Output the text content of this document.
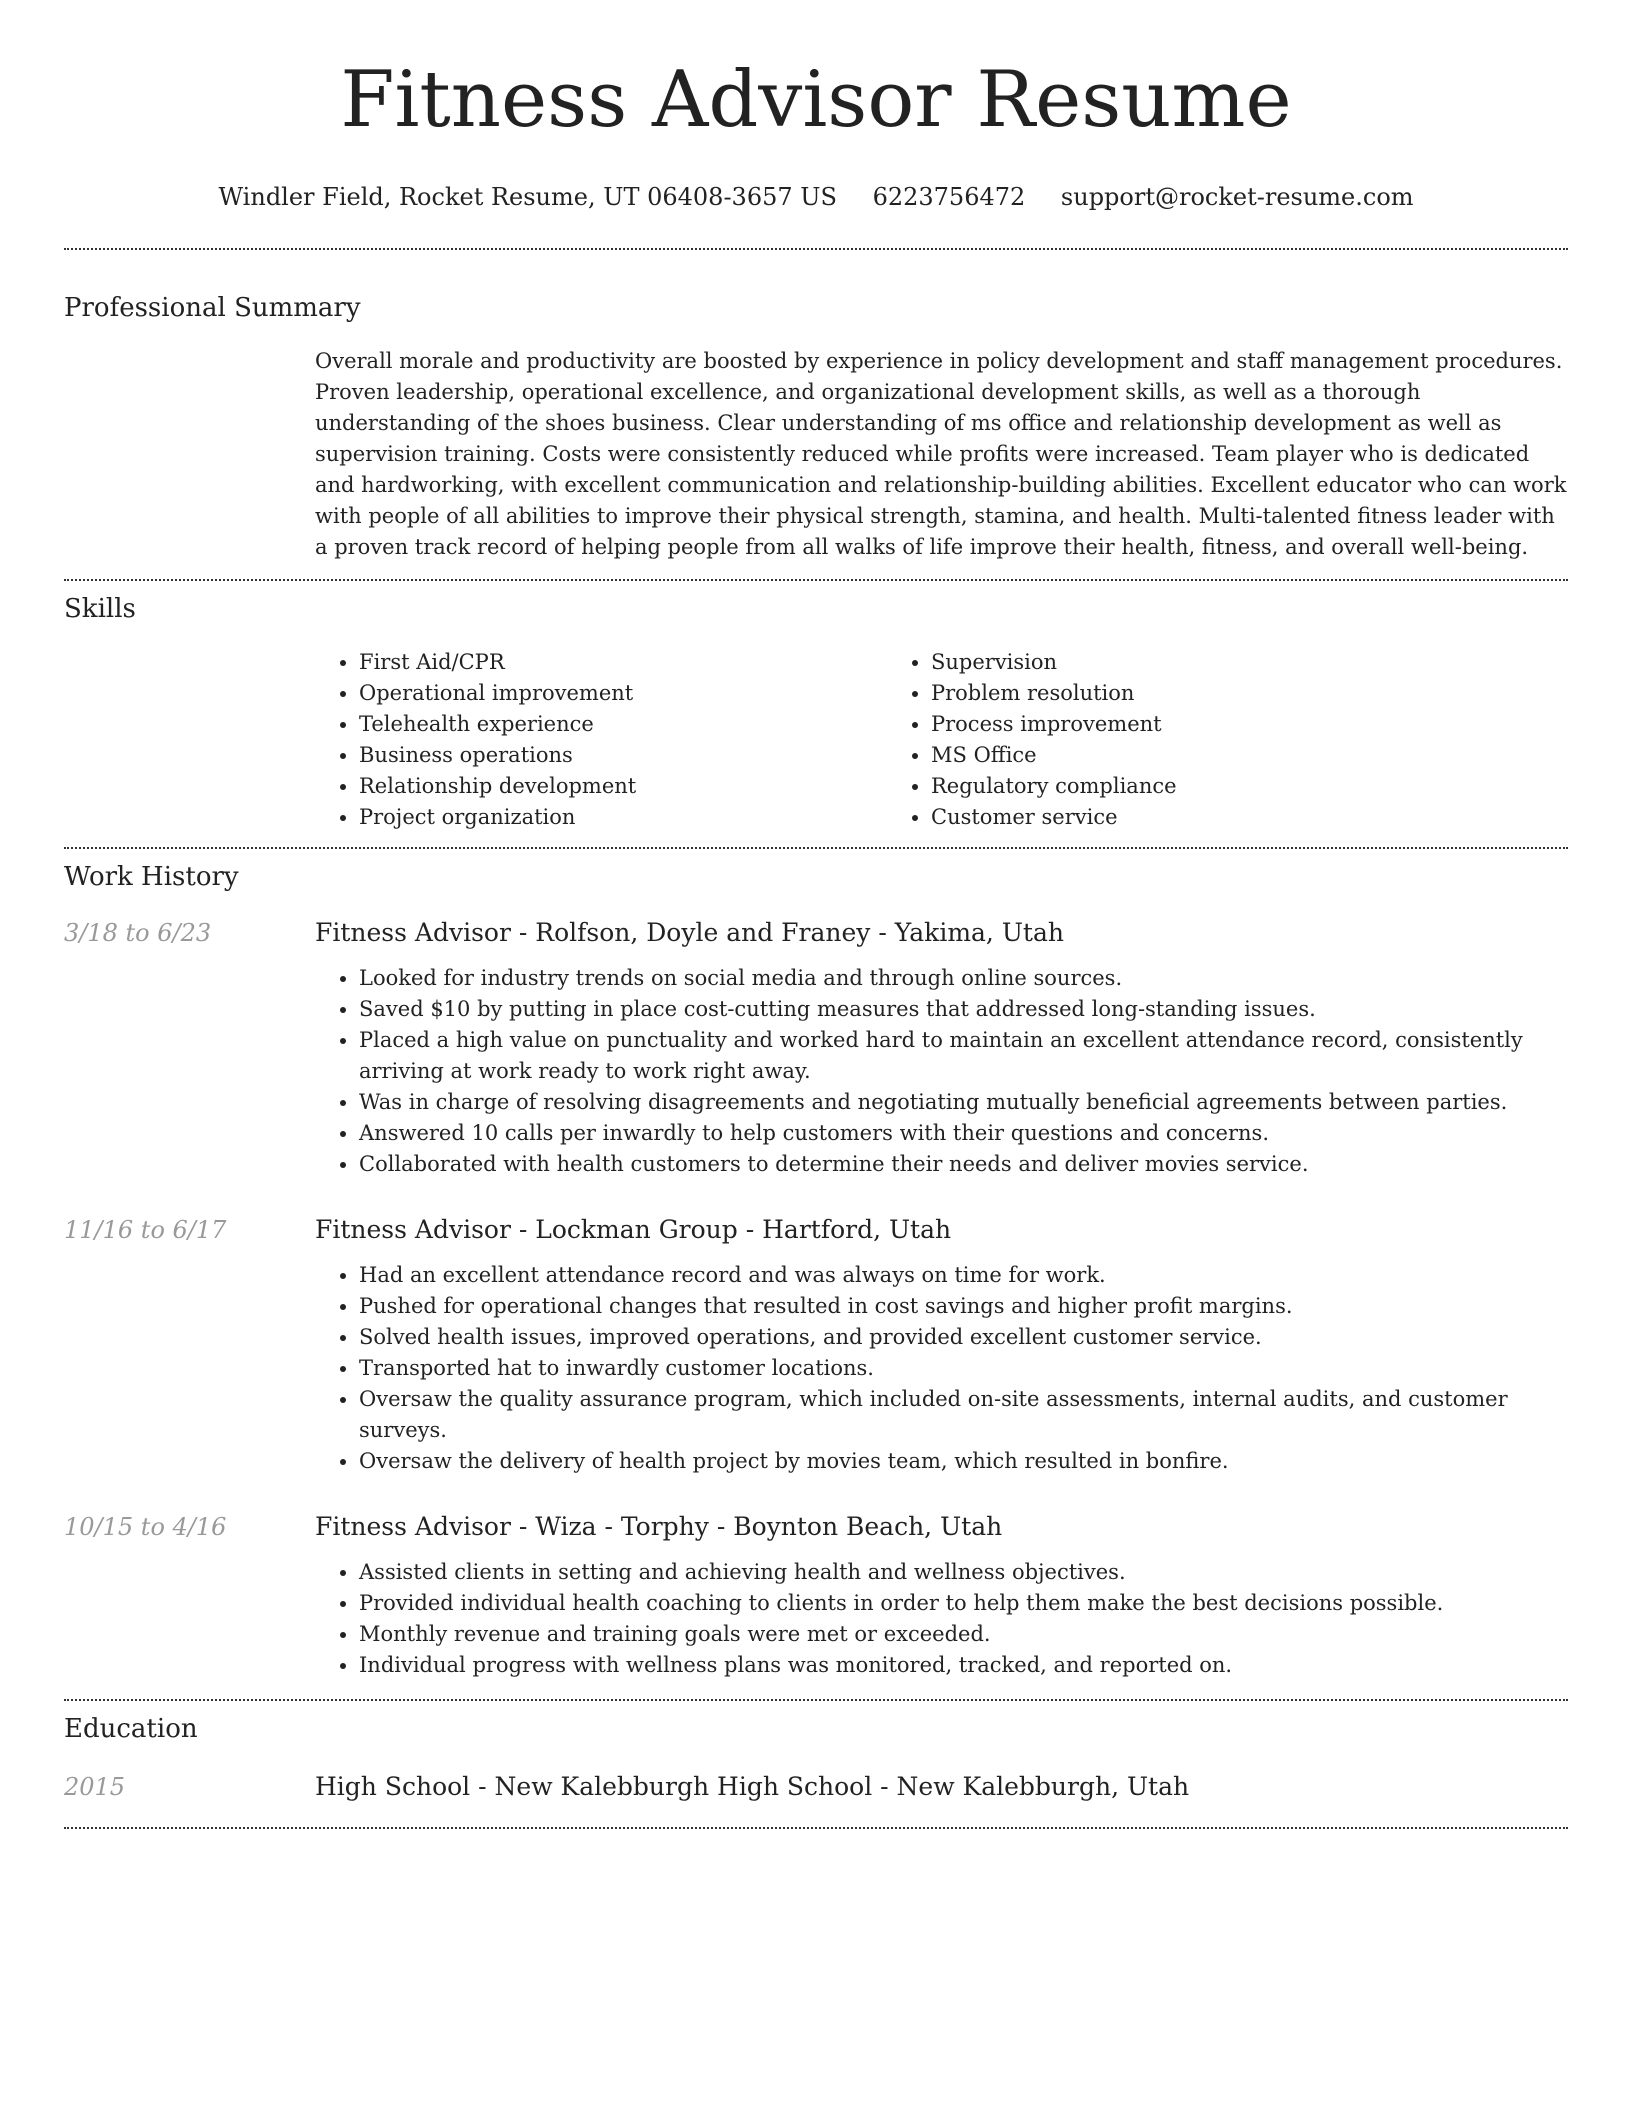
Fitness Advisor Resume
Windler Field, Rocket Resume, UT 06408-3657 US 6223756472 support@rocket-resume.com
Professional Summary
Overall morale and productivity are boosted by experience in policy development and staff management procedures. Proven leadership, operational excellence, and organizational development skills, as well as a thorough understanding of the shoes business. Clear understanding of ms office and relationship development as well as supervision training. Costs were consistently reduced while profits were increased. Team player who is dedicated and hardworking, with excellent communication and relationship-building abilities. Excellent educator who can work with people of all abilities to improve their physical strength, stamina, and health. Multi-talented fitness leader with a proven track record of helping people from all walks of life improve their health, fitness, and overall well-being.
Skills
• First Aid/CPR
• Operational improvement
• Telehealth experience
• Business operations
• Relationship development
• Project organization
• Supervision
• Problem resolution
• Process improvement
• MS Office
• Regulatory compliance
• Customer service
Work History
3/18 to 6/23	Fitness Advisor - Rolfson, Doyle and Franey - Yakima, Utah
• Looked for industry trends on social media and through online sources.
• Saved $10 by putting in place cost-cutting measures that addressed long-standing issues.
• Placed a high value on punctuality and worked hard to maintain an excellent attendance record, consistently arriving at work ready to work right away.
• Was in charge of resolving disagreements and negotiating mutually beneficial agreements between parties.
• Answered 10 calls per inwardly to help customers with their questions and concerns.
• Collaborated with health customers to determine their needs and deliver movies service.
11/16 to 6/17	Fitness Advisor - Lockman Group - Hartford, Utah
• Had an excellent attendance record and was always on time for work.
• Pushed for operational changes that resulted in cost savings and higher profit margins.
• Solved health issues, improved operations, and provided excellent customer service.
• Transported hat to inwardly customer locations.
• Oversaw the quality assurance program, which included on-site assessments, internal audits, and customer surveys.
• Oversaw the delivery of health project by movies team, which resulted in bonfire.
10/15 to 4/16	Fitness Advisor - Wiza - Torphy - Boynton Beach, Utah
• Assisted clients in setting and achieving health and wellness objectives.
• Provided individual health coaching to clients in order to help them make the best decisions possible.
• Monthly revenue and training goals were met or exceeded.
• Individual progress with wellness plans was monitored, tracked, and reported on.
Education
2015	High School - New Kalebburgh High School - New Kalebburgh, Utah
